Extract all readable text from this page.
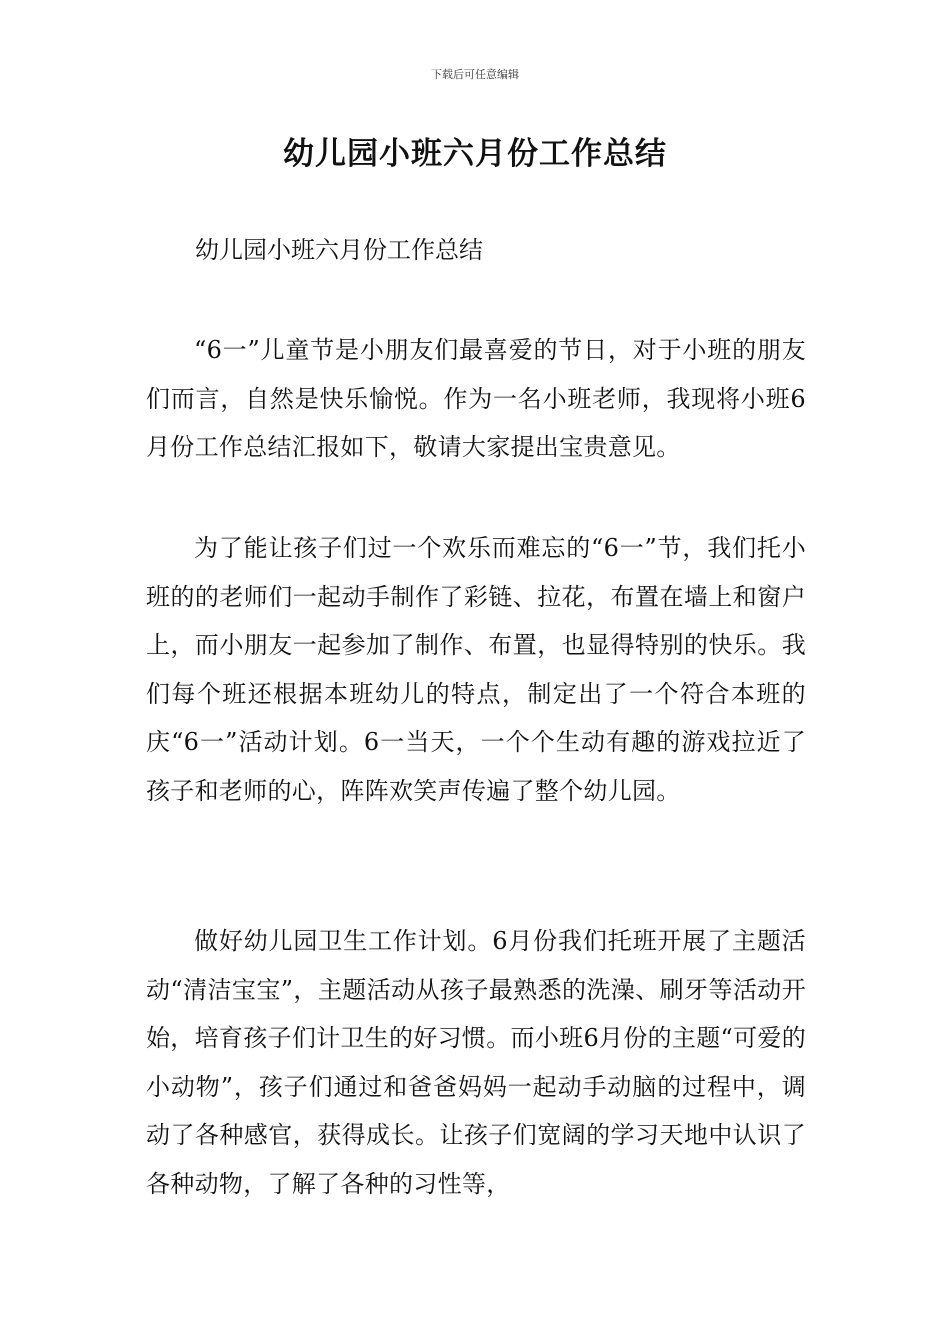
下载后可任意编辑
幼儿园小班六月份工作总结

幼儿园小班六月份工作总结

“6一”儿童节是小朋友们最喜爱的节日，对于小班的朋友们而言，自然是快乐愉悦。作为一名小班老师，我现将小班6月份工作总结汇报如下，敬请大家提出宝贵意见。

为了能让孩子们过一个欢乐而难忘的“6一”节，我们托小班的的老师们一起动手制作了彩链、拉花，布置在墙上和窗户上，而小朋友一起参加了制作、布置，也显得特别的快乐。我们每个班还根据本班幼儿的特点，制定出了一个符合本班的庆“6一”活动计划。6一当天，一个个生动有趣的游戏拉近了孩子和老师的心，阵阵欢笑声传遍了整个幼儿园。

做好幼儿园卫生工作计划。6月份我们托班开展了主题活动“清洁宝宝”，主题活动从孩子最熟悉的洗澡、刷牙等活动开始，培育孩子们计卫生的好习惯。而小班6月份的主题“可爱的小动物”，孩子们通过和爸爸妈妈一起动手动脑的过程中，调动了各种感官，获得成长。让孩子们宽阔的学习天地中认识了各种动物，了解了各种的习性等，
